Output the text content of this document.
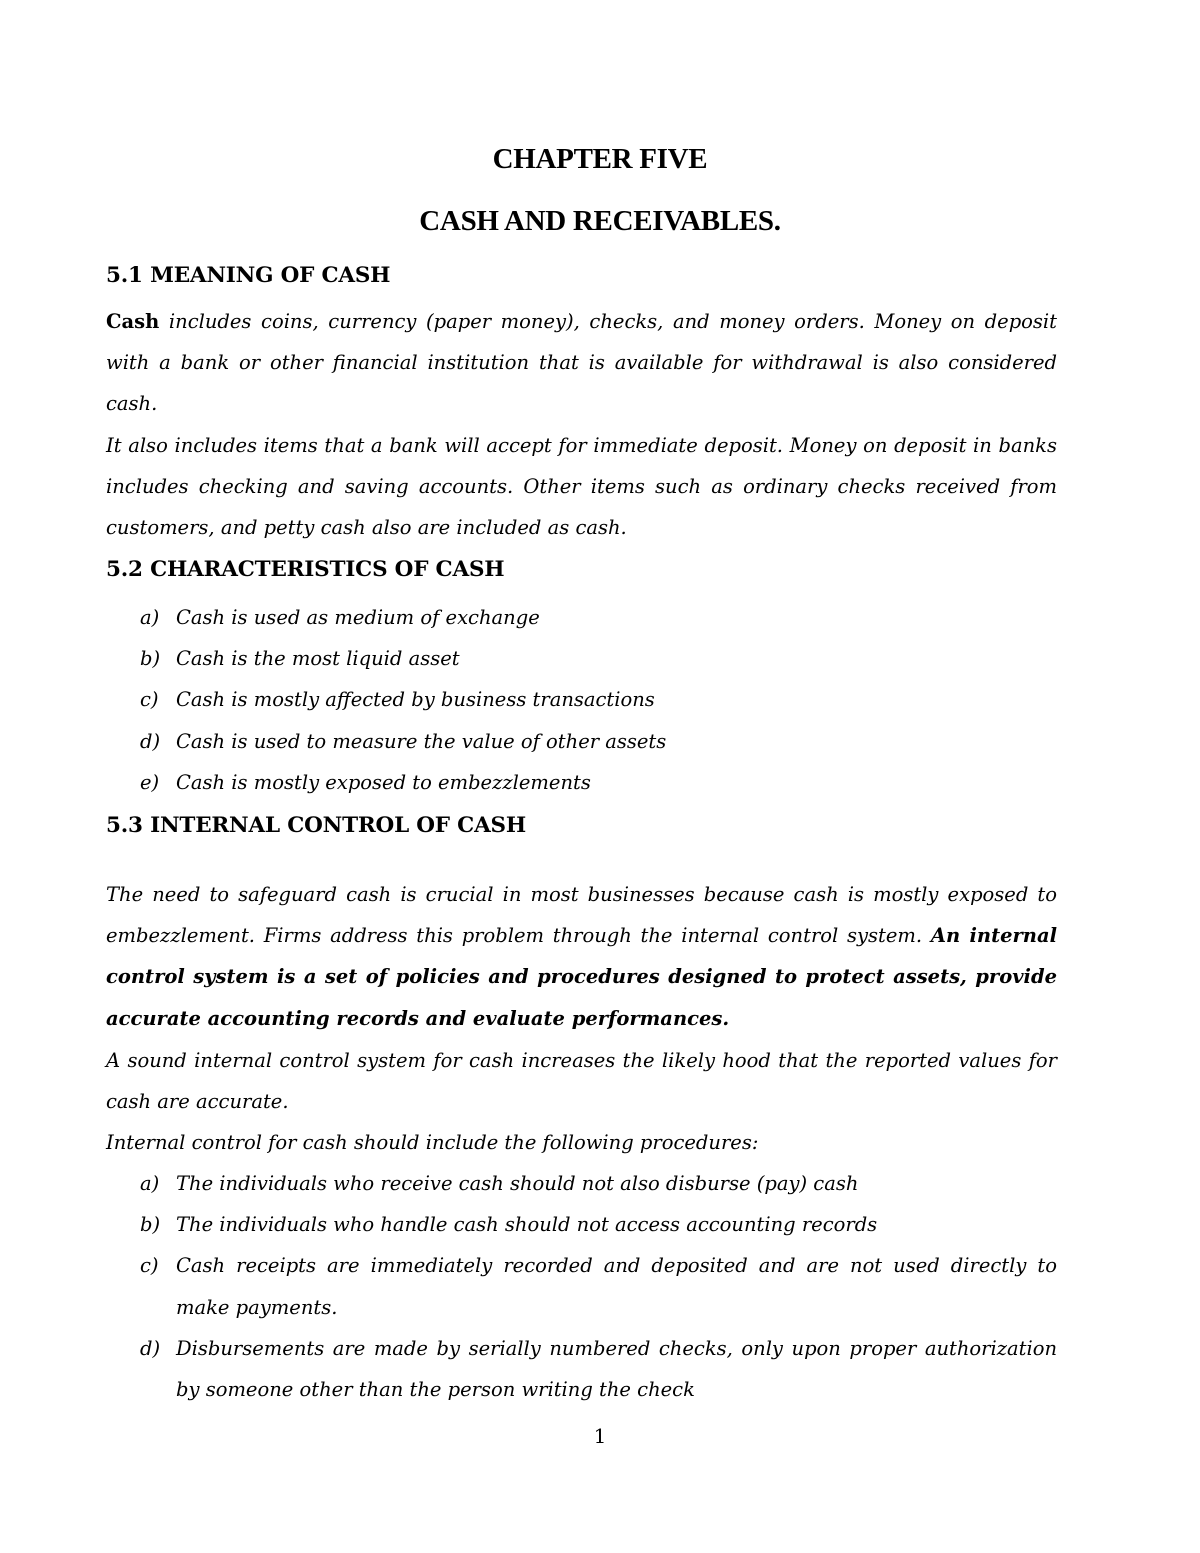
CHAPTER FIVE
CASH AND RECEIVABLES.
5.1 MEANING OF CASH
Cash includes coins, currency (paper money), checks, and money orders. Money on deposit with a bank or other financial institution that is available for withdrawal is also considered cash.
It also includes items that a bank will accept for immediate deposit. Money on deposit in banks includes checking and saving accounts. Other items such as ordinary checks received from customers, and petty cash also are included as cash.
5.2 CHARACTERISTICS OF CASH
a) Cash is used as medium of exchange
b) Cash is the most liquid asset
c) Cash is mostly affected by business transactions
d) Cash is used to measure the value of other assets
e) Cash is mostly exposed to embezzlements
5.3 INTERNAL CONTROL OF CASH
The need to safeguard cash is crucial in most businesses because cash is mostly exposed to embezzlement. Firms address this problem through the internal control system. An internal control system is a set of policies and procedures designed to protect assets, provide accurate accounting records and evaluate performances.
A sound internal control system for cash increases the likely hood that the reported values for cash are accurate.
Internal control for cash should include the following procedures:
a) The individuals who receive cash should not also disburse (pay) cash
b) The individuals who handle cash should not access accounting records
c) Cash receipts are immediately recorded and deposited and are not used directly to make payments.
d) Disbursements are made by serially numbered checks, only upon proper authorization by someone other than the person writing the check
1
